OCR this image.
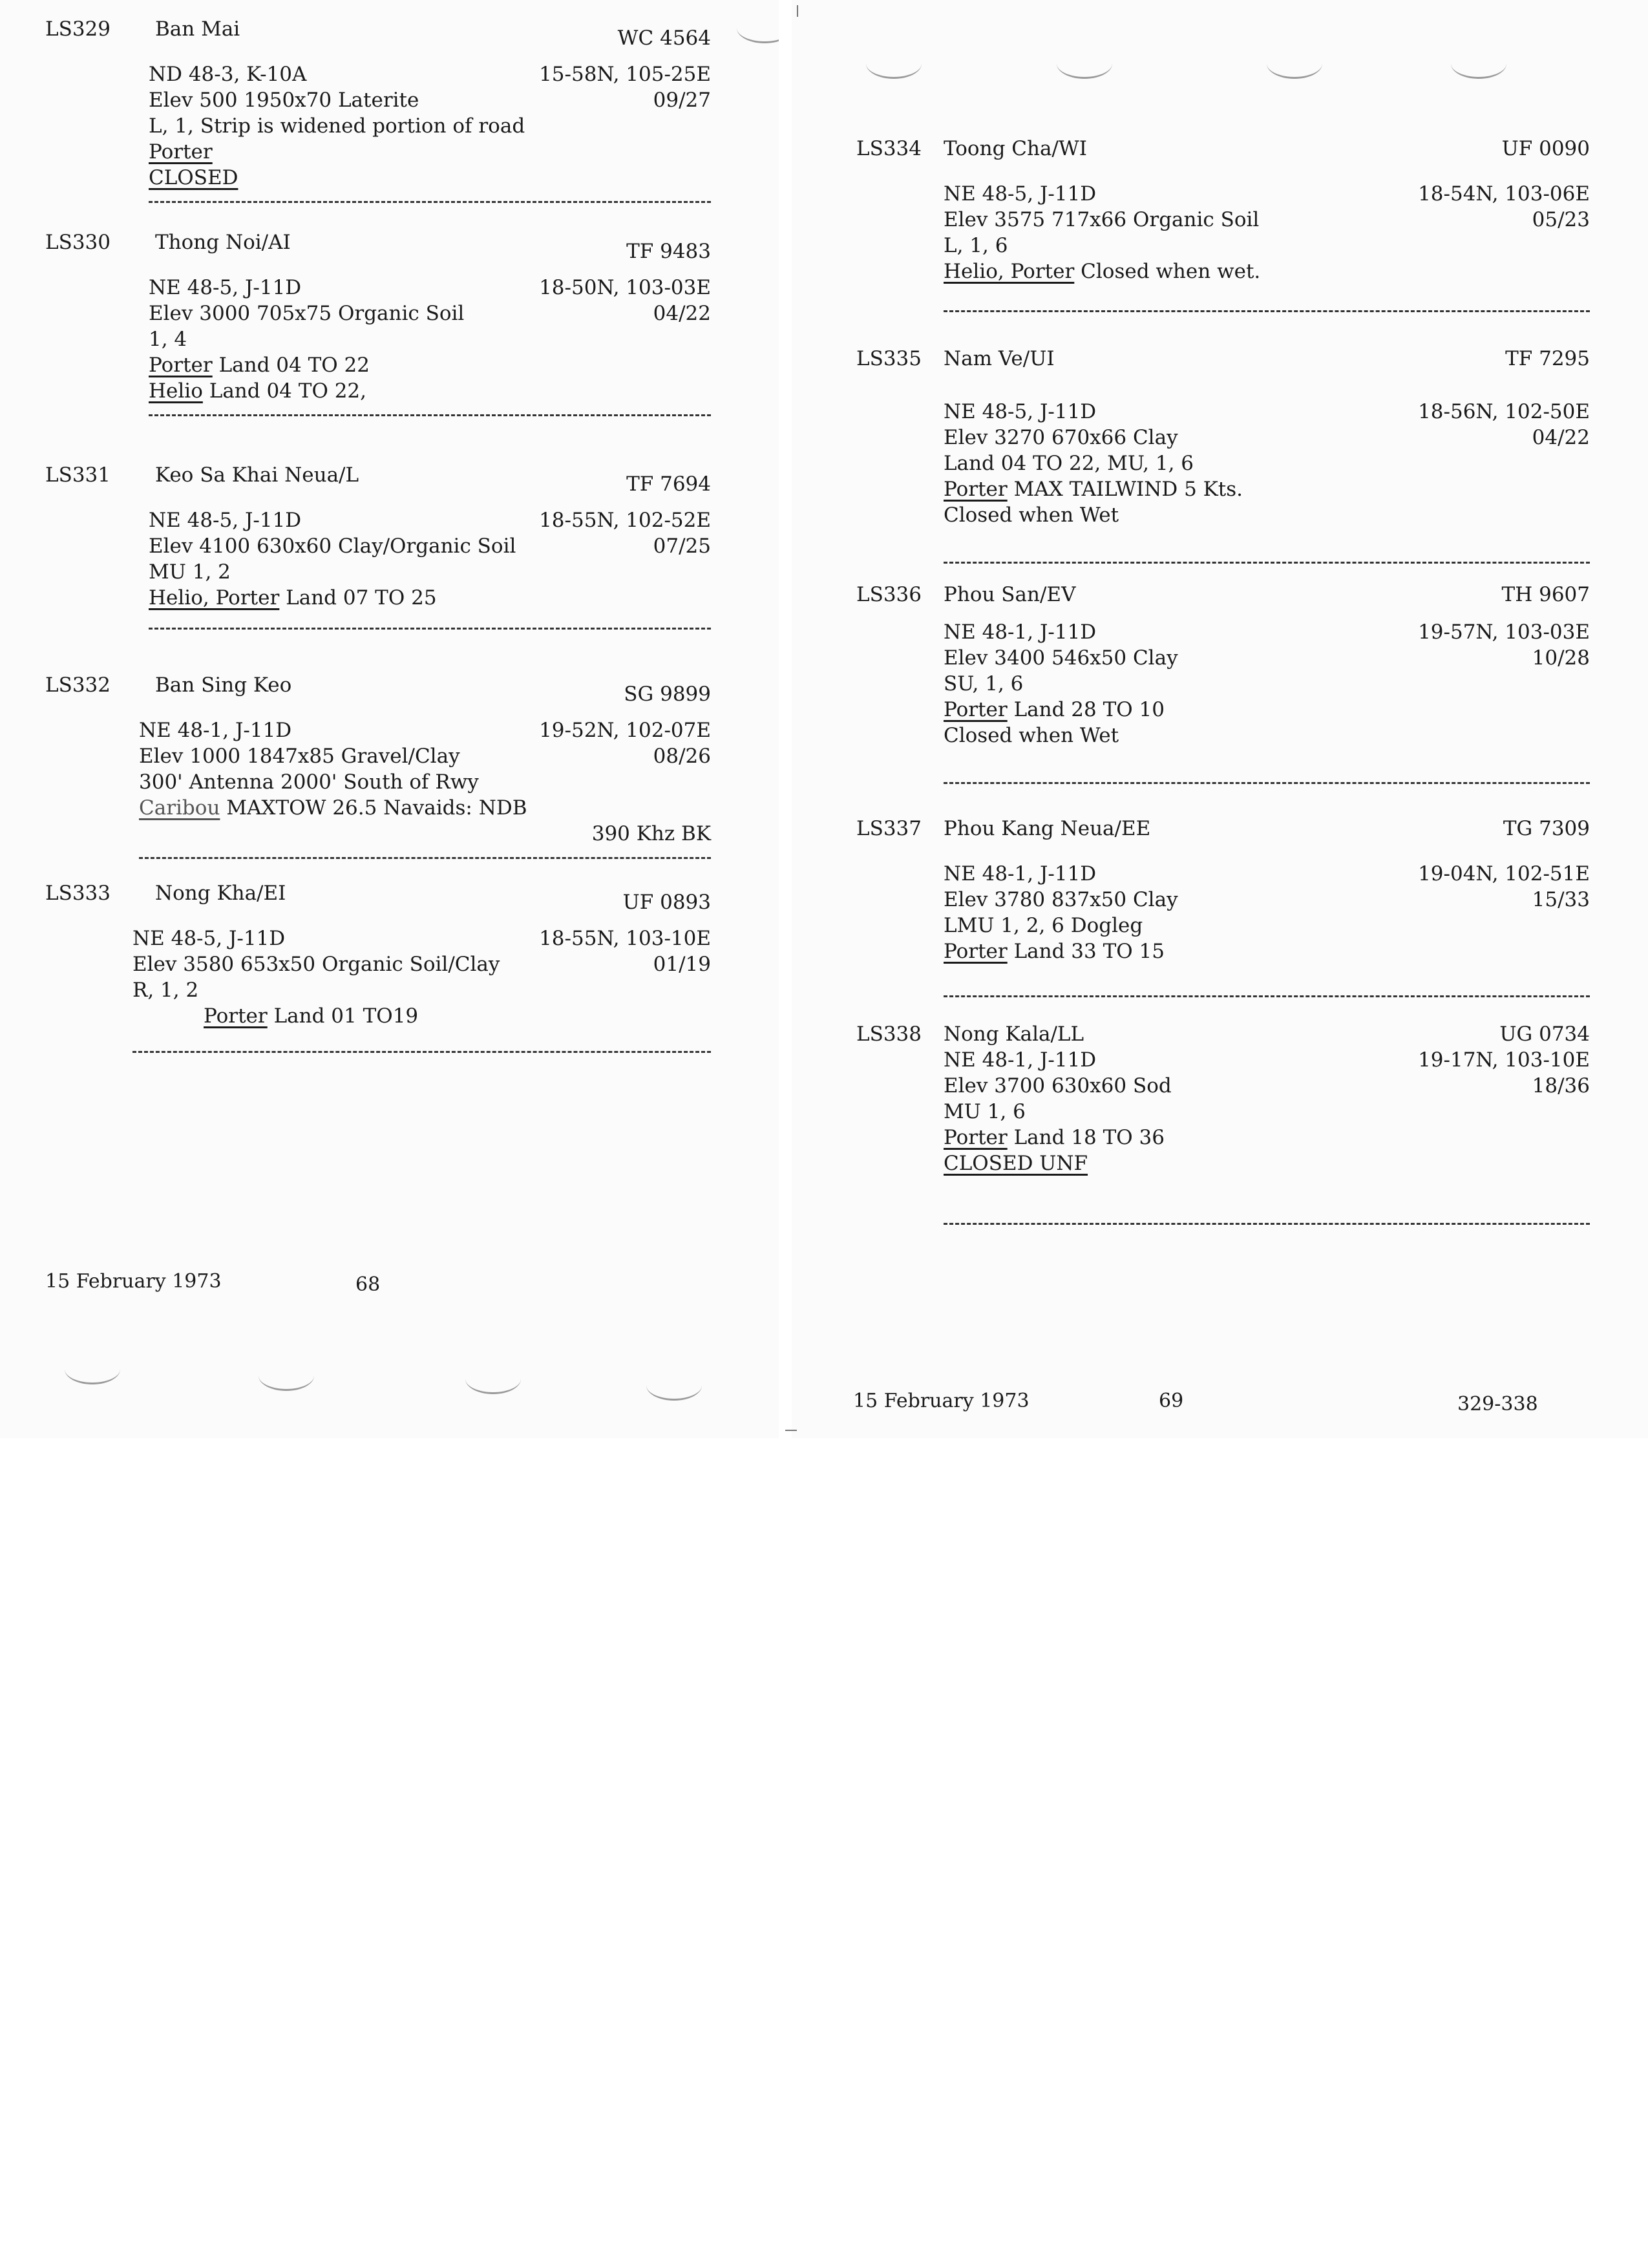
LS329 Ban Mai	WC 4564
ND 48-3, K-10A	15-58N, 105-25E
Elev 500 1950x70 Laterite	09/27
L, 1, Strip is widened portion of road
Porter
CLOSED
LS330 Thong Noi/AI	TF 9483
NE 48-5, J-11D	18-50N, 103-03E
Elev 3000 705x75 Organic Soil	04/22
1, 4
Porter Land 04 TO 22
Helio Land 04 TO 22,
LS331 Keo Sa Khai Neua/L	TF 7694
NE 48-5, J-11D	18-55N, 102-52E
Elev 4100 630x60 Clay/Organic Soil	07/25
MU 1, 2
Helio, Porter Land 07 TO 25
LS332 Ban Sing Keo	SG 9899
NE 48-1, J-11D	19-52N, 102-07E
Elev 1000 1847x85 Gravel/Clay	08/26
300' Antenna 2000' South of Rwy
Caribou MAXTOW 26.5 Navaids: NDB
390 Khz BK
LS333 Nong Kha/EI	UF 0893
NE 48-5, J-11D	18-55N, 103-10E
Elev 3580 653x50 Organic Soil/Clay	01/19
R, 1, 2
Porter Land 01 TO19
15 February 1973	68
LS334 Toong Cha/WI	UF 0090
NE 48-5, J-11D	18-54N, 103-06E
Elev 3575 717x66 Organic Soil	05/23
L, 1, 6
Helio, Porter Closed when wet.
LS335 Nam Ve/UI	TF 7295
NE 48-5, J-11D	18-56N, 102-50E
Elev 3270 670x66 Clay	04/22
Land 04 TO 22, MU, 1, 6
Porter MAX TAILWIND 5 Kts.
Closed when Wet
LS336 Phou San/EV	TH 9607
NE 48-1, J-11D	19-57N, 103-03E
Elev 3400 546x50 Clay	10/28
SU, 1, 6
Porter Land 28 TO 10
Closed when Wet
LS337 Phou Kang Neua/EE	TG 7309
NE 48-1, J-11D	19-04N, 102-51E
Elev 3780 837x50 Clay	15/33
LMU 1, 2, 6 Dogleg
Porter Land 33 TO 15
LS338 Nong Kala/LL	UG 0734
NE 48-1, J-11D	19-17N, 103-10E
Elev 3700 630x60 Sod	18/36
MU 1, 6
Porter Land 18 TO 36
CLOSED UNF
15 February 1973	69	329-338
